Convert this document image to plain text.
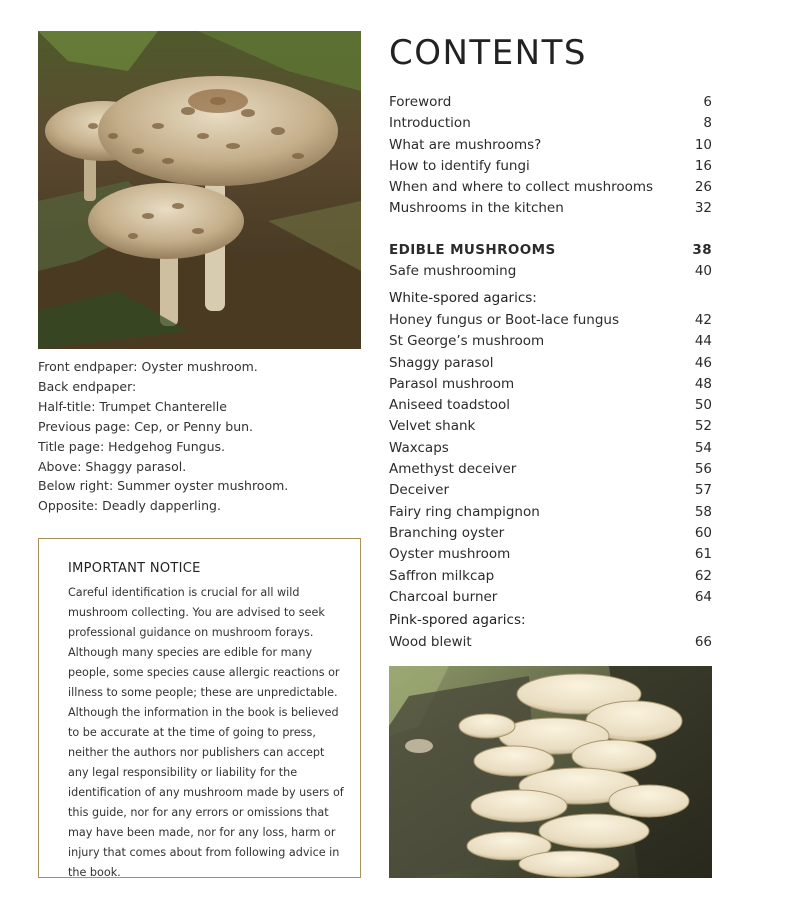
Front endpaper: Oyster mushroom.
Back endpaper:
Half-title: Trumpet Chanterelle
Previous page: Cep, or Penny bun.
Title page: Hedgehog Fungus.
Above: Shaggy parasol.
Below right: Summer oyster mushroom.
Opposite: Deadly dapperling.

IMPORTANT NOTICE

Careful identification is crucial for all wild mushroom collecting. You are advised to seek professional guidance on mushroom forays. Although many species are edible for many people, some species cause allergic reactions or illness to some people; these are unpredictable. Although the information in the book is believed to be accurate at the time of going to press, neither the authors nor publishers can accept any legal responsibility or liability for the identification of any mushroom made by users of this guide, nor for any errors or omissions that may have been made, nor for any loss, harm or injury that comes about from following advice in the book.

CONTENTS
Foreword	6
Introduction	8
What are mushrooms?	10
How to identify fungi	16
When and where to collect mushrooms	26
Mushrooms in the kitchen	32
EDIBLE MUSHROOMS	38
Safe mushrooming	40
White-spored agarics:
Honey fungus or Boot-lace fungus	42
St George’s mushroom	44
Shaggy parasol	46
Parasol mushroom	48
Aniseed toadstool	50
Velvet shank	52
Waxcaps	54
Amethyst deceiver	56
Deceiver	57
Fairy ring champignon	58
Branching oyster	60
Oyster mushroom	61
Saffron milkcap	62
Charcoal burner	64
Pink-spored agarics:
Wood blewit	66
